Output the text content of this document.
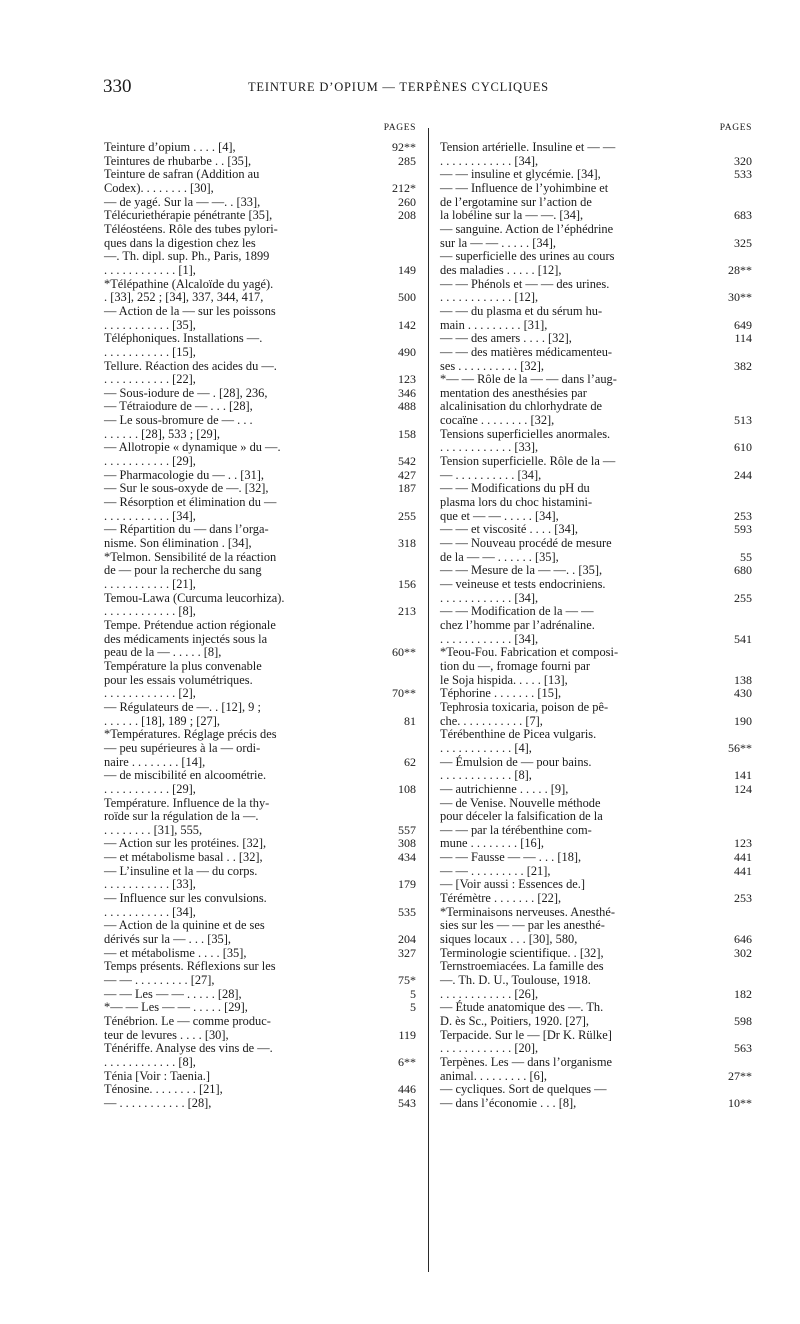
330	TEINTURE D’OPIUM — TERPÈNES CYCLIQUES
PAGES
Teinture d’opium . . . . [4],	92**
Teintures de rhubarbe . . [35],	285
Teinture de safran (Addition au
Codex). . . . . . . . [30],	212*
— de yagé. Sur la — —. . [33],	260
Télécuriethérapie pénétrante [35],	208
Téléostéens. Rôle des tubes pylori-
ques dans la digestion chez les
—. Th. dipl. sup. Ph., Paris, 1899
. . . . . . . . . . . . [1],	149
*Télépathine (Alcaloïde du yagé).
. [33], 252 ; [34], 337, 344, 417,	500
— Action de la — sur les poissons
. . . . . . . . . . . [35],	142
Téléphoniques. Installations —.
. . . . . . . . . . . [15],	490
Tellure. Réaction des acides du —.
. . . . . . . . . . . [22],	123
— Sous-iodure de — . [28], 236,	346
— Tétraiodure de — . . . [28],	488
— Le sous-bromure de — . . .
. . . . . . [28], 533 ; [29],	158
— Allotropie « dynamique » du —.
. . . . . . . . . . . [29],	542
— Pharmacologie du — . . [31],	427
— Sur le sous-oxyde de —. [32],	187
— Résorption et élimination du —
. . . . . . . . . . . [34],	255
— Répartition du — dans l’orga-
nisme. Son élimination . [34],	318
*Telmon. Sensibilité de la réaction
de — pour la recherche du sang
. . . . . . . . . . . [21],	156
Temou-Lawa (Curcuma leucorhiza).
. . . . . . . . . . . . [8],	213
Tempe. Prétendue action régionale
des médicaments injectés sous la
peau de la — . . . . . [8],	60**
Température la plus convenable
pour les essais volumétriques.
. . . . . . . . . . . . [2],	70**
— Régulateurs de —. . [12], 9 ;
. . . . . . [18], 189 ; [27],	81
*Températures. Réglage précis des
— peu supérieures à la — ordi-
naire . . . . . . . . [14],	62
— de miscibilité en alcoométrie.
. . . . . . . . . . . [29],	108
Température. Influence de la thy-
roïde sur la régulation de la —.
. . . . . . . . [31], 555,	557
— Action sur les protéines. [32],	308
— et métabolisme basal . . [32],	434
— L’insuline et la — du corps.
. . . . . . . . . . . [33],	179
— Influence sur les convulsions.
. . . . . . . . . . . [34],	535
— Action de la quinine et de ses
dérivés sur la — . . . [35],	204
— et métabolisme . . . . [35],	327
Temps présents. Réflexions sur les
— — . . . . . . . . . [27],	75*
— — Les — — . . . . . [28],	5
*— — Les — — . . . . . [29],	5
Ténébrion. Le — comme produc-
teur de levures . . . . [30],	119
Ténériffe. Analyse des vins de —.
. . . . . . . . . . . . [8],	6**
Ténia [Voir : Taenia.]
Ténosine. . . . . . . . [21],	446
— . . . . . . . . . . . [28],	543
PAGES
Tension artérielle. Insuline et — —
. . . . . . . . . . . . [34],	320
— — insuline et glycémie. [34],	533
— — Influence de l’yohimbine et
de l’ergotamine sur l’action de
la lobéline sur la — —. [34],	683
— sanguine. Action de l’éphédrine
sur la — — . . . . . [34],	325
— superficielle des urines au cours
des maladies . . . . . [12],	28**
— — Phénols et — — des urines.
. . . . . . . . . . . . [12],	30**
— — du plasma et du sérum hu-
main . . . . . . . . . [31],	649
— — des amers . . . . [32],	114
— — des matières médicamenteu-
ses . . . . . . . . . . [32],	382
*— — Rôle de la — — dans l’aug-
mentation des anesthésies par
alcalinisation du chlorhydrate de
cocaïne . . . . . . . . [32],	513
Tensions superficielles anormales.
. . . . . . . . . . . . [33],	610
Tension superficielle. Rôle de la —
— . . . . . . . . . . [34],	244
— — Modifications du pH du
plasma lors du choc histamini-
que et — — . . . . . [34],	253
— — et viscosité . . . . [34],	593
— — Nouveau procédé de mesure
de la — — . . . . . . [35],	55
— — Mesure de la — —. . [35],	680
— veineuse et tests endocriniens.
. . . . . . . . . . . . [34],	255
— — Modification de la — —
chez l’homme par l’adrénaline.
. . . . . . . . . . . . [34],	541
*Teou-Fou. Fabrication et composi-
tion du —, fromage fourni par
le Soja hispida. . . . . [13],	138
Téphorine . . . . . . . [15],	430
Tephrosia toxicaria, poison de pê-
che. . . . . . . . . . . [7],	190
Térébenthine de Picea vulgaris.
. . . . . . . . . . . . [4],	56**
— Émulsion de — pour bains.
. . . . . . . . . . . . [8],	141
— autrichienne . . . . . [9],	124
— de Venise. Nouvelle méthode
pour déceler la falsification de la
— — par la térébenthine com-
mune . . . . . . . . [16],	123
— — Fausse — — . . . [18],	441
— — . . . . . . . . . [21],	441
— [Voir aussi : Essences de.]
Térémètre . . . . . . . [22],	253
*Terminaisons nerveuses. Anesthé-
sies sur les — — par les anesthé-
siques locaux . . . [30], 580,	646
Terminologie scientifique. . [32],	302
Ternstroemiacées. La famille des
—. Th. D. U., Toulouse, 1918.
. . . . . . . . . . . . [26],	182
— Étude anatomique des —. Th.
D. ès Sc., Poitiers, 1920. [27],	598
Terpacide. Sur le — [Dr K. Rülke]
. . . . . . . . . . . . [20],	563
Terpènes. Les — dans l’organisme
animal. . . . . . . . . [6],	27**
— cycliques. Sort de quelques —
— dans l’économie . . . [8],	10**
